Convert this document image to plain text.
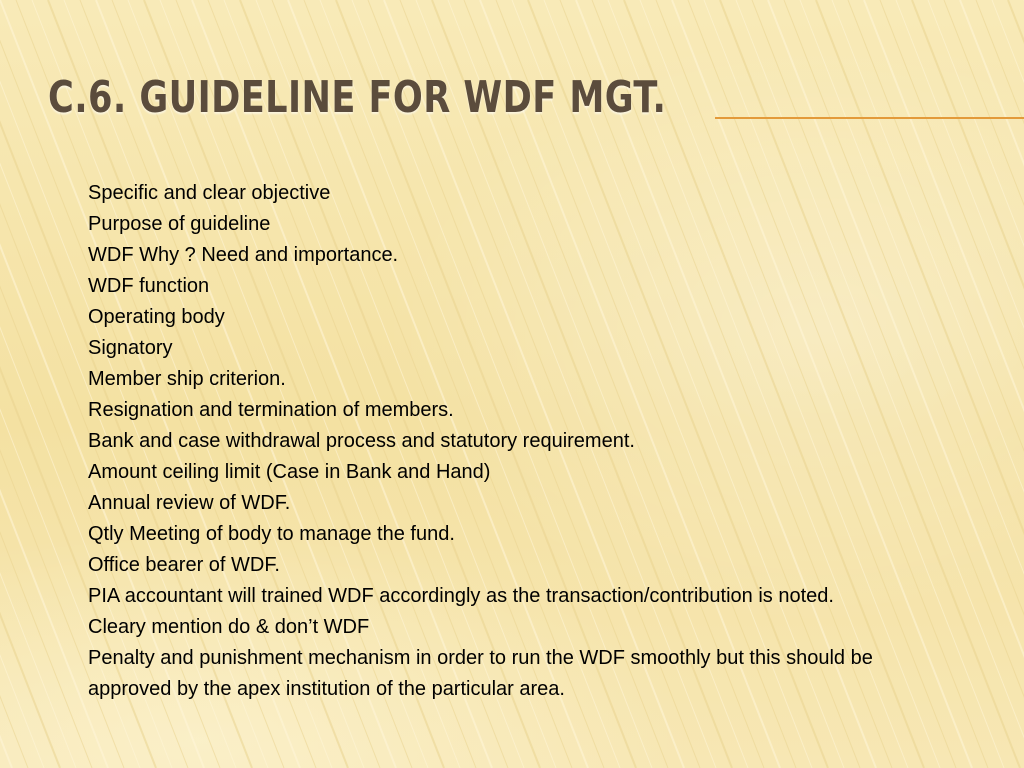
C.6. GUIDELINE FOR WDF MGT.
Specific and clear objective
Purpose of guideline
WDF Why ? Need and importance.
WDF function
Operating body
Signatory
Member ship criterion.
Resignation and termination of members.
Bank and case withdrawal process and statutory requirement.
Amount ceiling limit (Case in Bank and Hand)
Annual review of WDF.
Qtly Meeting of body to manage the fund.
Office bearer of WDF.
PIA accountant will trained WDF accordingly as the transaction/contribution is noted.
Cleary mention do & don’t WDF
Penalty and punishment mechanism in order to run the WDF smoothly but this should be approved by the apex institution of the particular area.
